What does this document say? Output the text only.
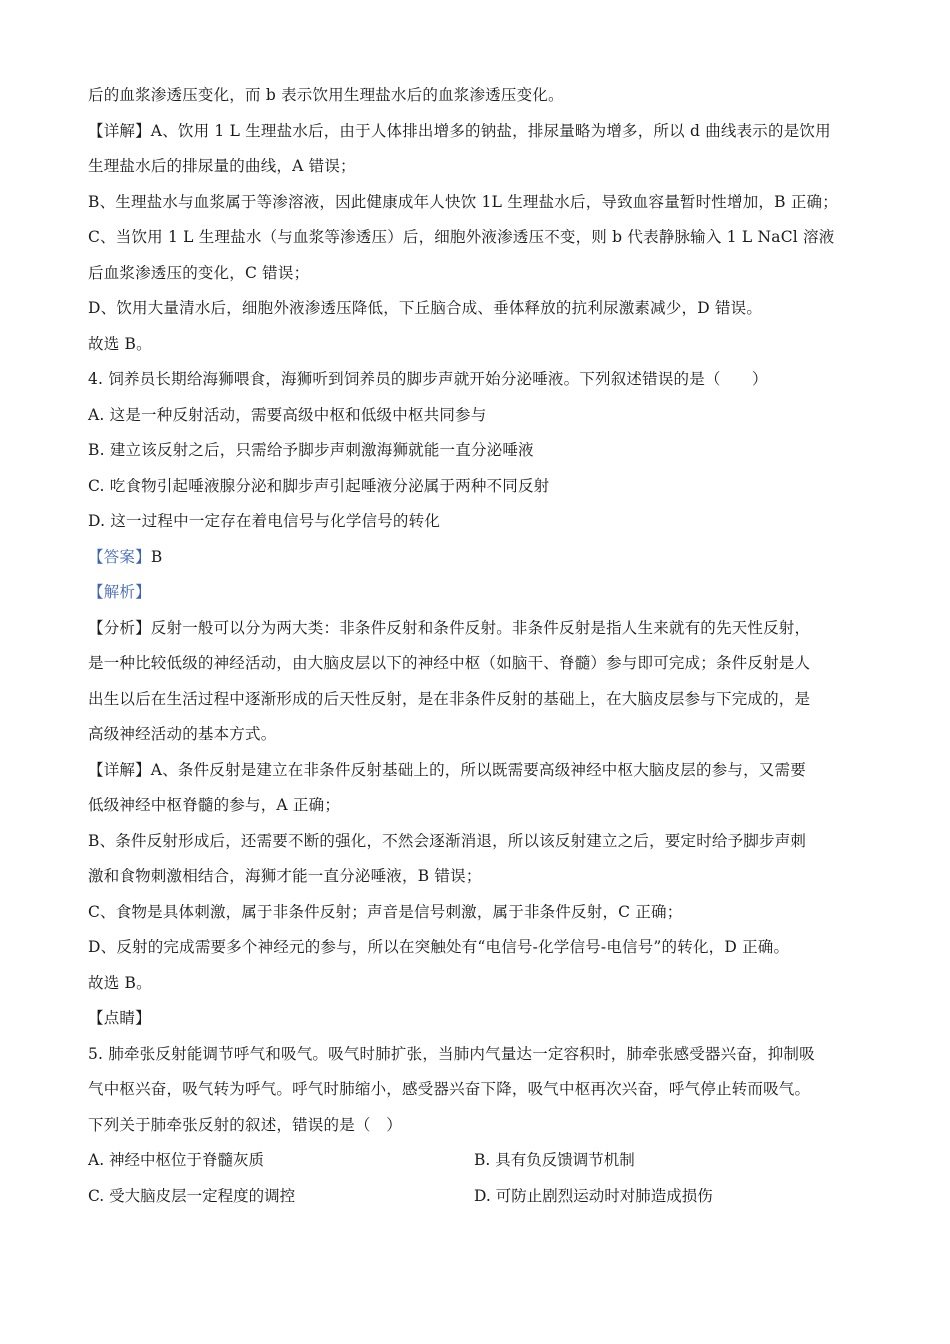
后的血浆渗透压变化，而 b 表示饮用生理盐水后的血浆渗透压变化。
【详解】A、饮用 1 L 生理盐水后，由于人体排出增多的钠盐，排尿量略为增多，所以 d 曲线表示的是饮用
生理盐水后的排尿量的曲线，A 错误；
B、生理盐水与血浆属于等渗溶液，因此健康成年人快饮 1L 生理盐水后，导致血容量暂时性增加，B 正确；
C、当饮用 1 L 生理盐水（与血浆等渗透压）后，细胞外液渗透压不变，则 b 代表静脉输入 1 L NaCl 溶液
后血浆渗透压的变化，C 错误；
D、饮用大量清水后，细胞外液渗透压降低，下丘脑合成、垂体释放的抗利尿激素减少，D 错误。
故选 B。
4. 饲养员长期给海狮喂食，海狮听到饲养员的脚步声就开始分泌唾液。下列叙述错误的是（　　）
A. 这是一种反射活动，需要高级中枢和低级中枢共同参与
B. 建立该反射之后，只需给予脚步声刺激海狮就能一直分泌唾液
C. 吃食物引起唾液腺分泌和脚步声引起唾液分泌属于两种不同反射
D. 这一过程中一定存在着电信号与化学信号的转化
【答案】B
【解析】
【分析】反射一般可以分为两大类：非条件反射和条件反射。非条件反射是指人生来就有的先天性反射，
是一种比较低级的神经活动，由大脑皮层以下的神经中枢（如脑干、脊髓）参与即可完成；条件反射是人
出生以后在生活过程中逐渐形成的后天性反射，是在非条件反射的基础上，在大脑皮层参与下完成的，是
高级神经活动的基本方式。
【详解】A、条件反射是建立在非条件反射基础上的，所以既需要高级神经中枢大脑皮层的参与，又需要
低级神经中枢脊髓的参与，A 正确；
B、条件反射形成后，还需要不断的强化，不然会逐渐消退，所以该反射建立之后，要定时给予脚步声刺
激和食物刺激相结合，海狮才能一直分泌唾液，B 错误；
C、食物是具体刺激，属于非条件反射；声音是信号刺激，属于非条件反射，C 正确；
D、反射的完成需要多个神经元的参与，所以在突触处有“电信号-化学信号-电信号”的转化，D 正确。
故选 B。
【点睛】
5. 肺牵张反射能调节呼气和吸气。吸气时肺扩张，当肺内气量达一定容积时，肺牵张感受器兴奋，抑制吸
气中枢兴奋，吸气转为呼气。呼气时肺缩小，感受器兴奋下降，吸气中枢再次兴奋，呼气停止转而吸气。
下列关于肺牵张反射的叙述，错误的是（　）
A. 神经中枢位于脊髓灰质	B. 具有负反馈调节机制
C. 受大脑皮层一定程度的调控	D. 可防止剧烈运动时对肺造成损伤
